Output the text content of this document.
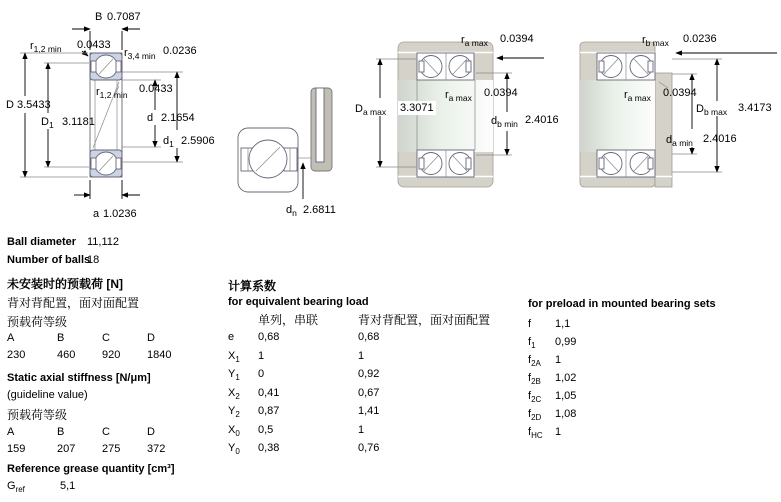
B 0.7087
$r_{1,2 min}$ 0.0433
$r_{3,4 min}$ 0.0236
D 3.5433
$D_1$ 3.1181
$r_{1,2 min}$ 0.0433
d 2.1654
$d_1$ 2.5906
a 1.0236	$d_n$ 2.6811
$D_{a max}$ 3.3071
$r_{a max}$ 0.0394
$r_{a max}$ 0.0394
$d_{b min}$ 2.4016
$r_{b max}$ 0.0236
$r_{a max}$ 0.0394
$D_{b max}$ 3.4173
$d_{a min}$ 2.4016
Ball diameter 11,112
Number of balls18
未安装时的预载荷 [N]
背对背配置，面对面配置
预载荷等级
A	B	C	D
230	460 920 1840
Static axial stiffness [N/μm]
(guideline value)
预载荷等级
A	B	C	D
159	207 275 372
Reference grease quantity [cm³]
$G_{ref}$	5,1
计算系数
for equivalent bearing load
单列，串联	背对背配置，面对面配置
e 0,68	0,68
$X_1$ 1	1
$Y_1$ 0	0,92
$X_2$ 0,41	0,67
$Y_2$ 0,87	1,41
$X_0$ 0,5	1
$Y_0$ 0,38	0,76
for preload in mounted bearing sets
f 1,1
$f_1$ 0,99
$f_{2A}$ 1
$f_{2B}$ 1,02
$f_{2C}$ 1,05
$f_{2D}$ 1,08
$f_{HC}$ 1
